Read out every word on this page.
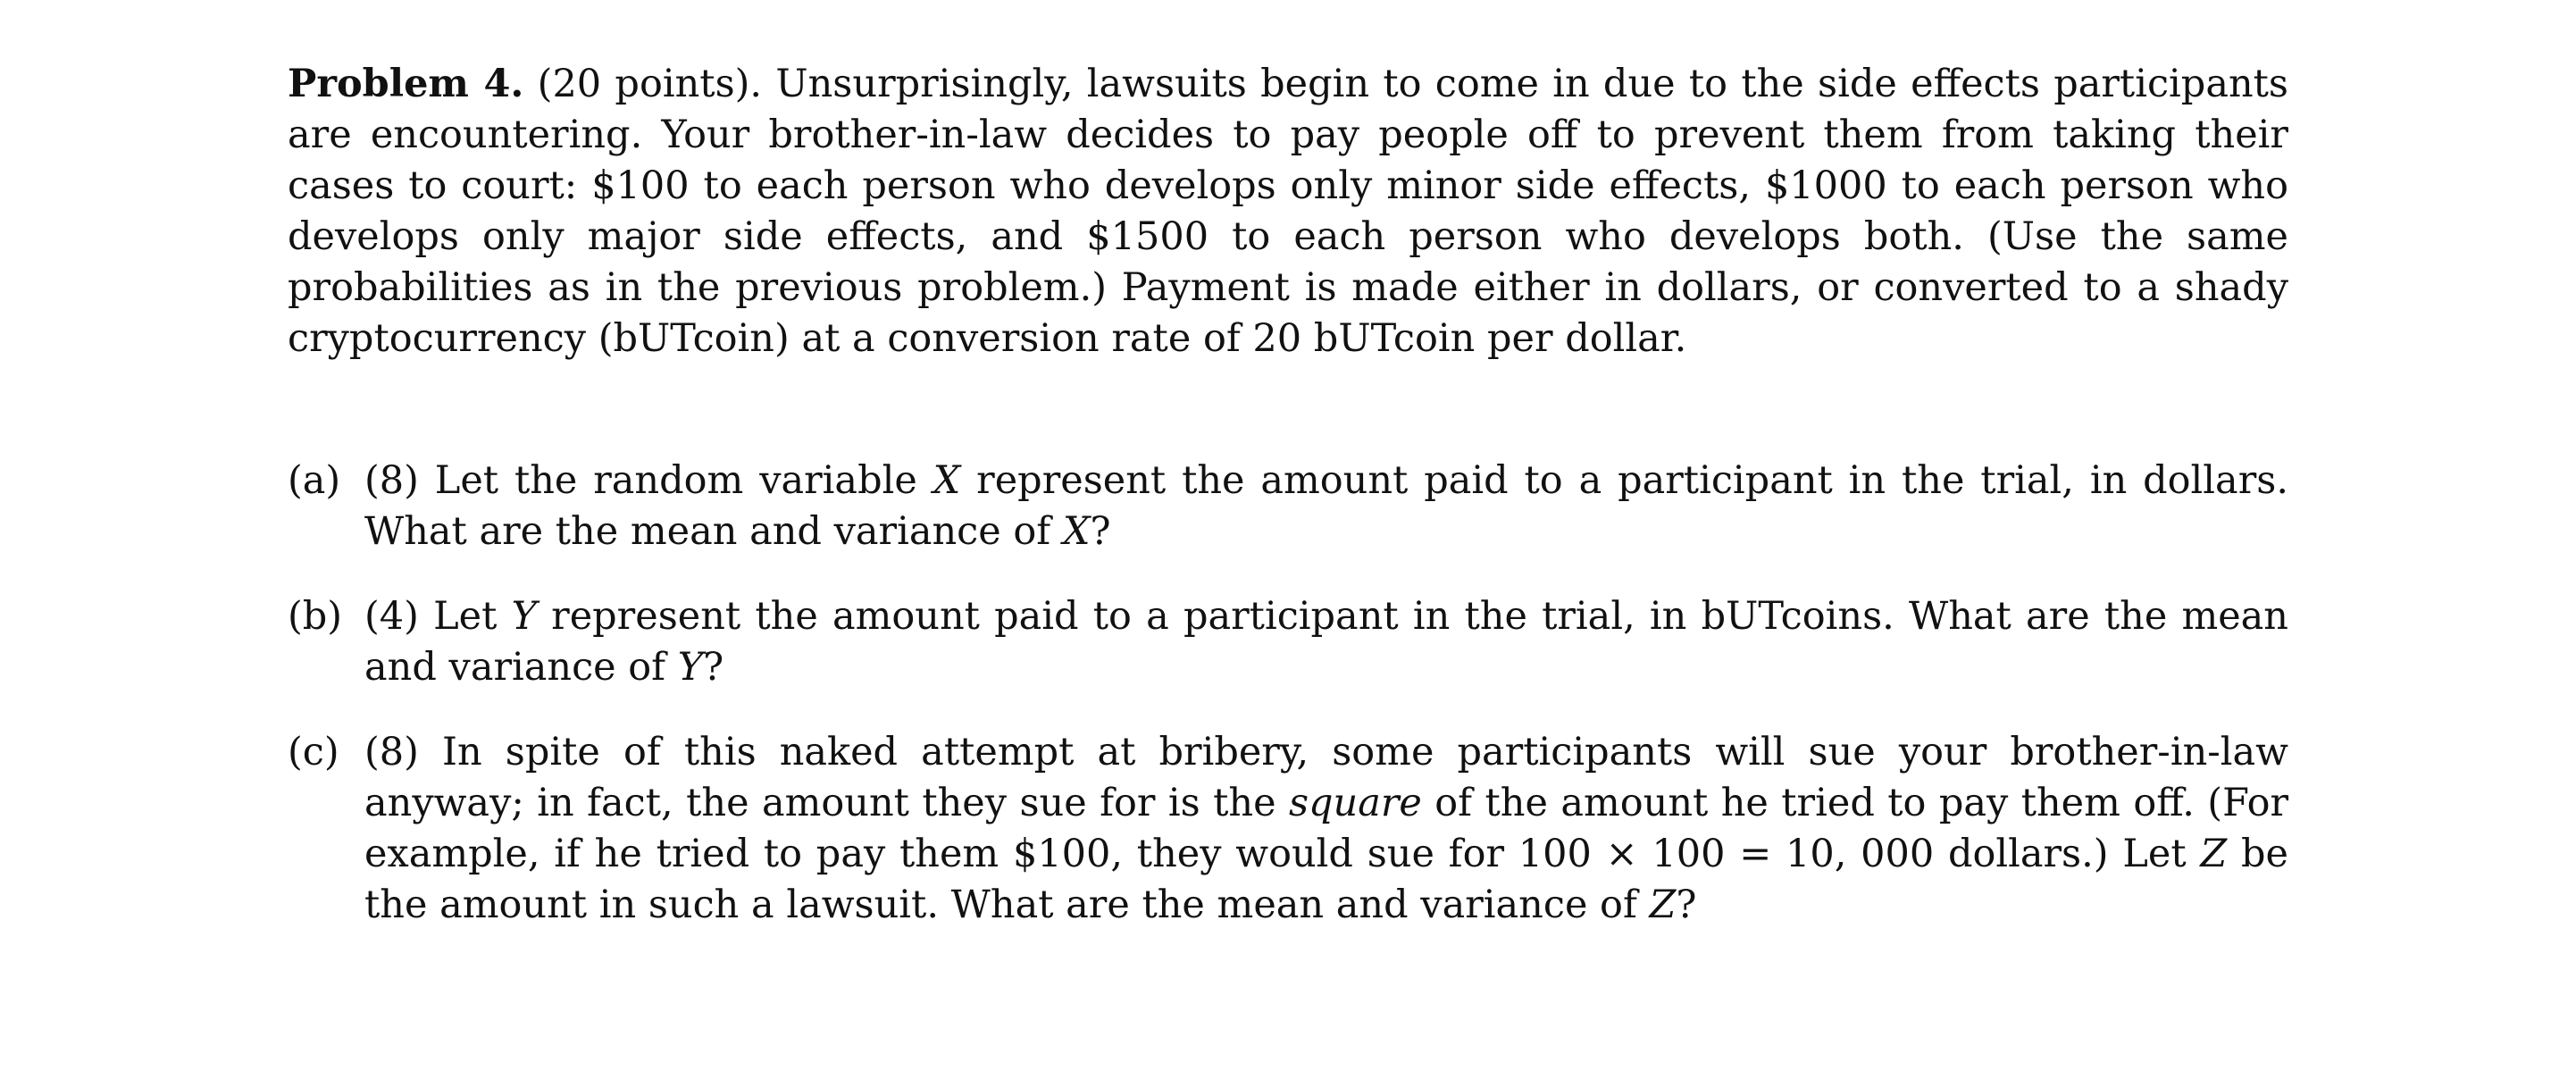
Problem 4. (20 points). Unsurprisingly, lawsuits begin to come in due to the side effects participants are encountering. Your brother-in-law decides to pay people off to prevent them from taking their cases to court: $100 to each person who develops only minor side effects, $1000 to each person who develops only major side effects, and $1500 to each person who develops both. (Use the same probabilities as in the previous problem.) Payment is made either in dollars, or converted to a shady cryptocurrency (bUTcoin) at a conversion rate of 20 bUTcoin per dollar.

(a) (8) Let the random variable X represent the amount paid to a participant in the trial, in dollars. What are the mean and variance of X?
(b) (4) Let Y represent the amount paid to a participant in the trial, in bUTcoins. What are the mean and variance of Y?
(c) (8) In spite of this naked attempt at bribery, some participants will sue your brother-in-law anyway; in fact, the amount they sue for is the square of the amount he tried to pay them off. (For example, if he tried to pay them $100, they would sue for 100 × 100 = 10, 000 dollars.) Let Z be the amount in such a lawsuit. What are the mean and variance of Z?
